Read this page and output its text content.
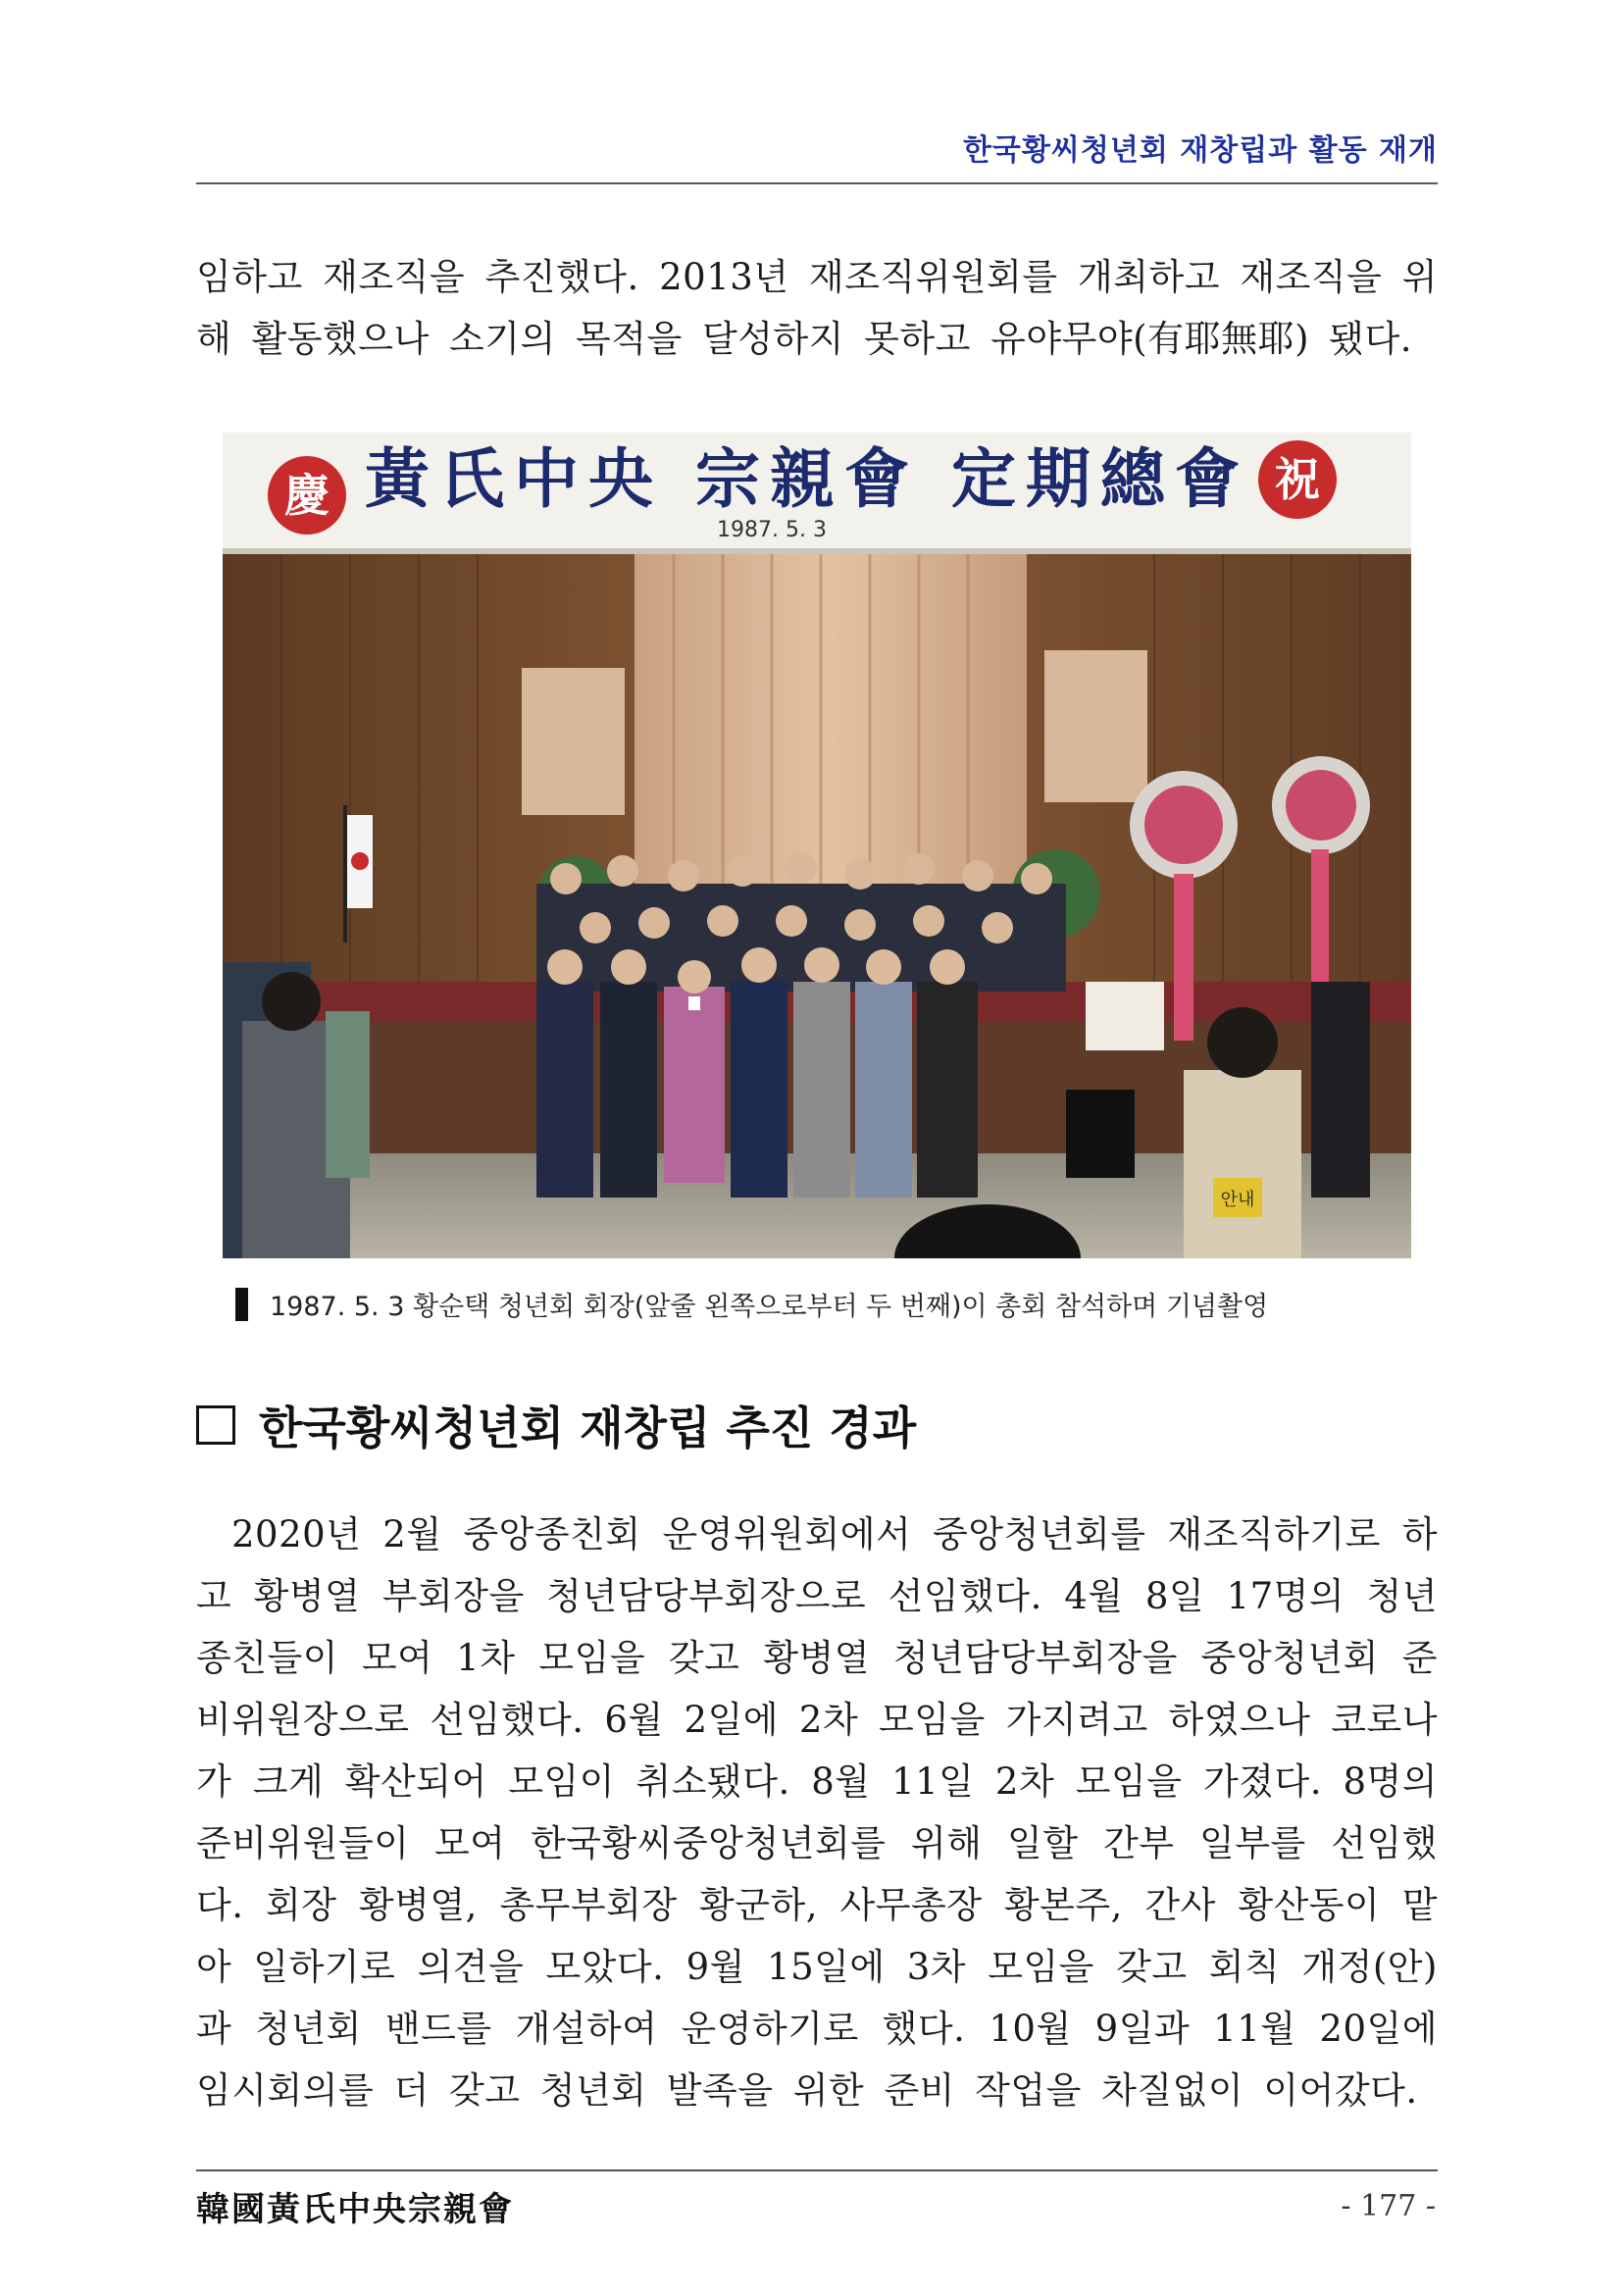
한국황씨청년회 재창립과 활동 재개

임하고 재조직을 추진했다. 2013년 재조직위원회를 개최하고 재조직을 위해 활동했으나 소기의 목적을 달성하지 못하고 유야무야(有耶無耶) 됐다.

慶	祝
黃氏中央 宗親會 定期總會
1987. 5. 3
안내
1987. 5. 3 황순택 청년회 회장(앞줄 왼쪽으로부터 두 번째)이 총회 참석하며 기념촬영
한국황씨청년회 재창립 추진 경과

2020년 2월 중앙종친회 운영위원회에서 중앙청년회를 재조직하기로 하고 황병열 부회장을 청년담당부회장으로 선임했다. 4월 8일 17명의 청년 종친들이 모여 1차 모임을 갖고 황병열 청년담당부회장을 중앙청년회 준비위원장으로 선임했다. 6월 2일에 2차 모임을 가지려고 하였으나 코로나가 크게 확산되어 모임이 취소됐다. 8월 11일 2차 모임을 가졌다. 8명의 준비위원들이 모여 한국황씨중앙청년회를 위해 일할 간부 일부를 선임했다. 회장 황병열, 총무부회장 황군하, 사무총장 황본주, 간사 황산동이 맡아 일하기로 의견을 모았다. 9월 15일에 3차 모임을 갖고 회칙 개정(안)과 청년회 밴드를 개설하여 운영하기로 했다. 10월 9일과 11월 20일에 임시회의를 더 갖고 청년회 발족을 위한 준비 작업을 차질없이 이어갔다.

韓國黃氏中央宗親會	- 177 -
